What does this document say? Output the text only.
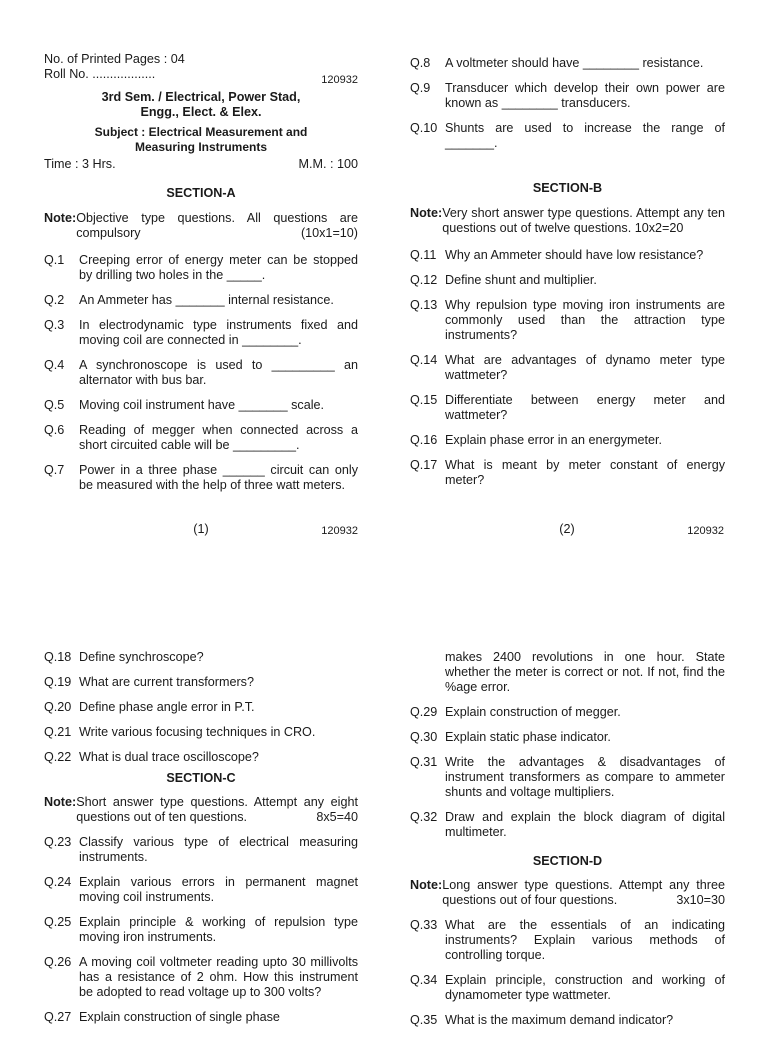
No. of Printed Pages : 04
Roll No. ..................	120932
3rd Sem. / Electrical, Power Stad,
Engg., Elect. & Elex.
Subject : Electrical Measurement and
Measuring Instruments
Time : 3 Hrs.	M.M. : 100
SECTION-A
Note: Objective type questions. All questions are compulsory	(10x1=10)
Q.1	Creeping error of energy meter can be stopped by drilling two holes in the _____.
Q.2	An Ammeter has _______ internal resistance.
Q.3	In electrodynamic type instruments fixed and moving coil are connected in ________.
Q.4	A synchronoscope is used to _________ an alternator with bus bar.
Q.5	Moving coil instrument have _______ scale.
Q.6	Reading of megger when connected across a short circuited cable will be _________.
Q.7	Power in a three phase ______ circuit can only be measured with the help of three watt meters.
(1)	120932
Q.8	A voltmeter should have ________ resistance.
Q.9	Transducer which develop their own power are known as ________ transducers.
Q.10 Shunts are used to increase the range of _______.
SECTION-B
Note: Very short answer type questions. Attempt any ten questions out of twelve questions. 10x2=20
Q.11 Why an Ammeter should have low resistance?
Q.12 Define shunt and multiplier.
Q.13 Why repulsion type moving iron instruments are commonly used than the attraction type instruments?
Q.14 What are advantages of dynamo meter type wattmeter?
Q.15 Differentiate between energy meter and wattmeter?
Q.16 Explain phase error in an energymeter.
Q.17 What is meant by meter constant of energy meter?
(2)	120932
Q.18 Define synchroscope?
Q.19 What are current transformers?
Q.20 Define phase angle error in P.T.
Q.21 Write various focusing techniques in CRO.
Q.22 What is dual trace oscilloscope?
SECTION-C
Note: Short answer type questions. Attempt any eight questions out of ten questions.	8x5=40
Q.23 Classify various type of electrical measuring instruments.
Q.24 Explain various errors in permanent magnet moving coil instruments.
Q.25 Explain principle & working of repulsion type moving iron instruments.
Q.26 A moving coil voltmeter reading upto 30 millivolts has a resistance of 2 ohm. How this instrument be adopted to read voltage up to 300 volts?
Q.27 Explain construction of single phase
makes 2400 revolutions in one hour. State whether the meter is correct or not. If not, find the %age error.
Q.29 Explain construction of megger.
Q.30 Explain static phase indicator.
Q.31 Write the advantages & disadvantages of instrument transformers as compare to ammeter shunts and voltage multipliers.
Q.32 Draw and explain the block diagram of digital multimeter.
SECTION-D
Note: Long answer type questions. Attempt any three questions out of four questions.	3x10=30
Q.33 What are the essentials of an indicating instruments? Explain various methods of controlling torque.
Q.34 Explain principle, construction and working of dynamometer type wattmeter.
Q.35 What is the maximum demand indicator?
